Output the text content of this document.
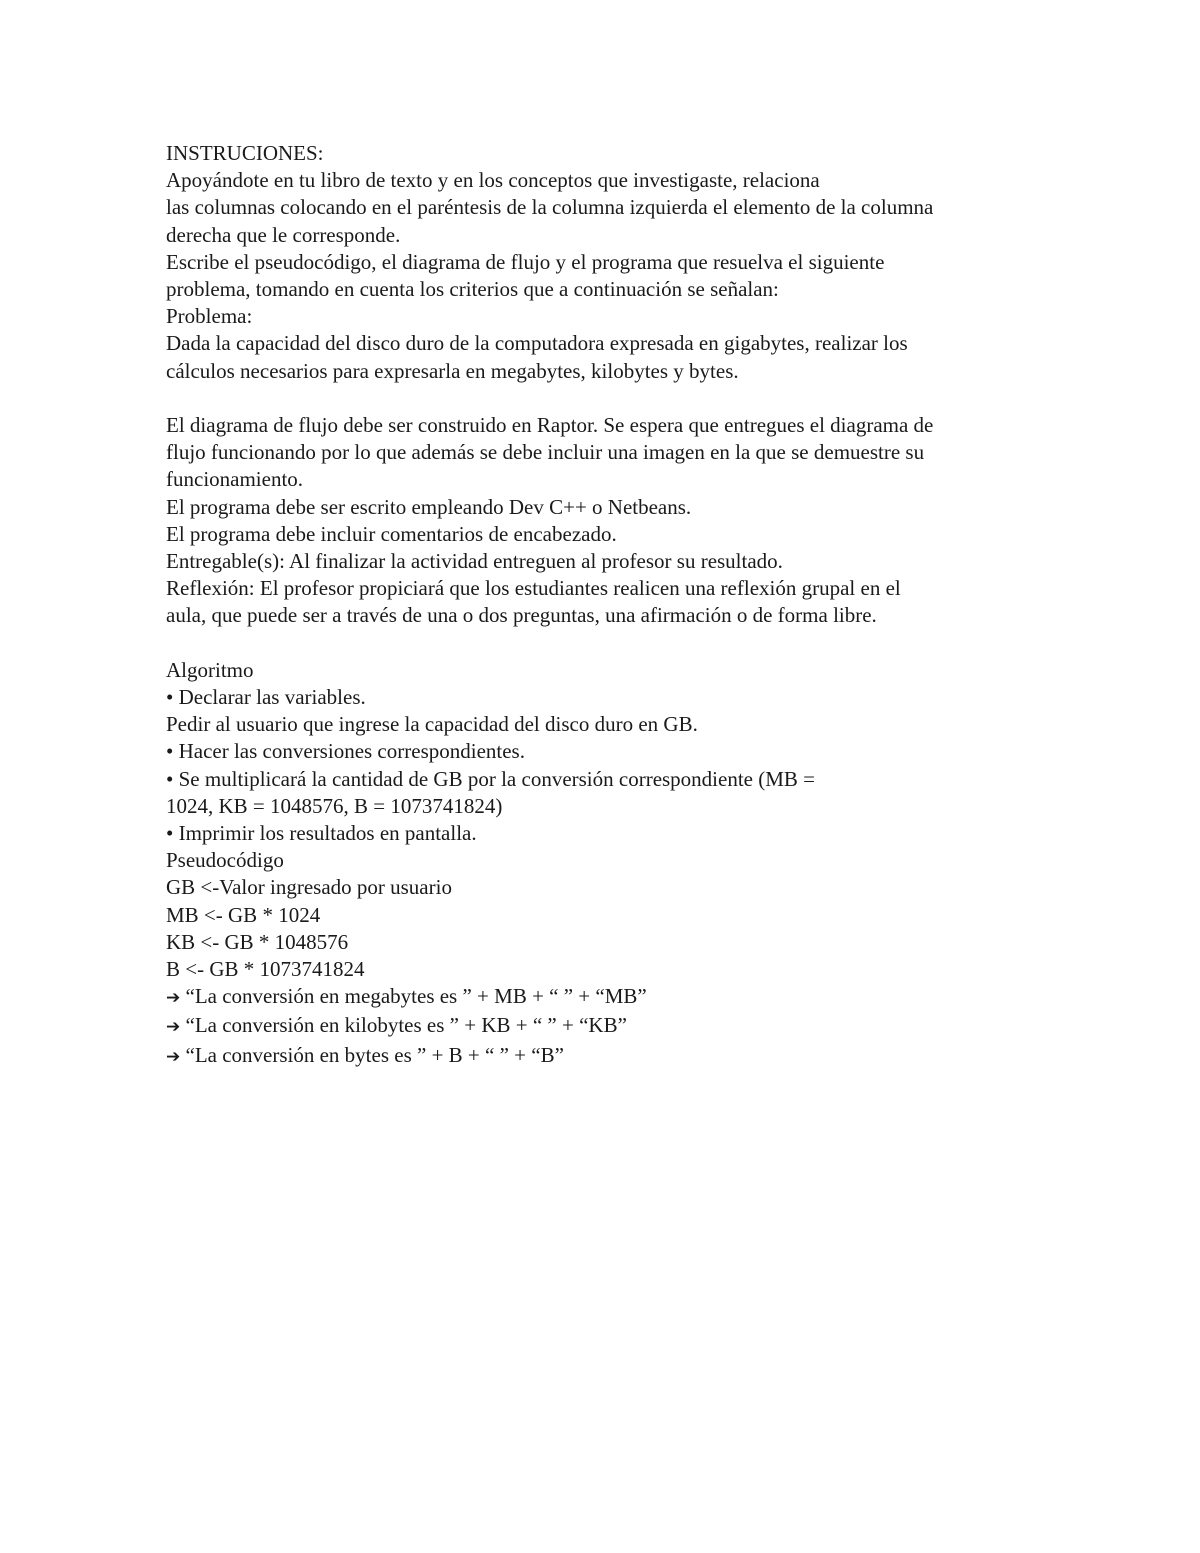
INSTRUCIONES:

Apoyándote en tu libro de texto y en los conceptos que investigaste, relaciona

las columnas colocando en el paréntesis de la columna izquierda el elemento de la columna

derecha que le corresponde.

Escribe el pseudocódigo, el diagrama de flujo y el programa que resuelva el siguiente

problema, tomando en cuenta los criterios que a continuación se señalan:

Problema:

Dada la capacidad del disco duro de la computadora expresada en gigabytes, realizar los

cálculos necesarios para expresarla en megabytes, kilobytes y bytes.

El diagrama de flujo debe ser construido en Raptor. Se espera que entregues el diagrama de

flujo funcionando por lo que además se debe incluir una imagen en la que se demuestre su

funcionamiento.

El programa debe ser escrito empleando Dev C++ o Netbeans.

El programa debe incluir comentarios de encabezado.

Entregable(s): Al finalizar la actividad entreguen al profesor su resultado.

Reflexión: El profesor propiciará que los estudiantes realicen una reflexión grupal en el

aula, que puede ser a través de una o dos preguntas, una afirmación o de forma libre.

Algoritmo

• Declarar las variables.

Pedir al usuario que ingrese la capacidad del disco duro en GB.

• Hacer las conversiones correspondientes.

• Se multiplicará la cantidad de GB por la conversión correspondiente (MB =

1024, KB = 1048576, B = 1073741824)

• Imprimir los resultados en pantalla.

Pseudocódigo

GB <-Valor ingresado por usuario

MB <- GB * 1024

KB <- GB * 1048576

B <- GB * 1073741824

➔ “La conversión en megabytes es ” + MB + “ ” + “MB”

➔ “La conversión en kilobytes es ” + KB + “ ” + “KB”

➔ “La conversión en bytes es ” + B + “ ” + “B”
